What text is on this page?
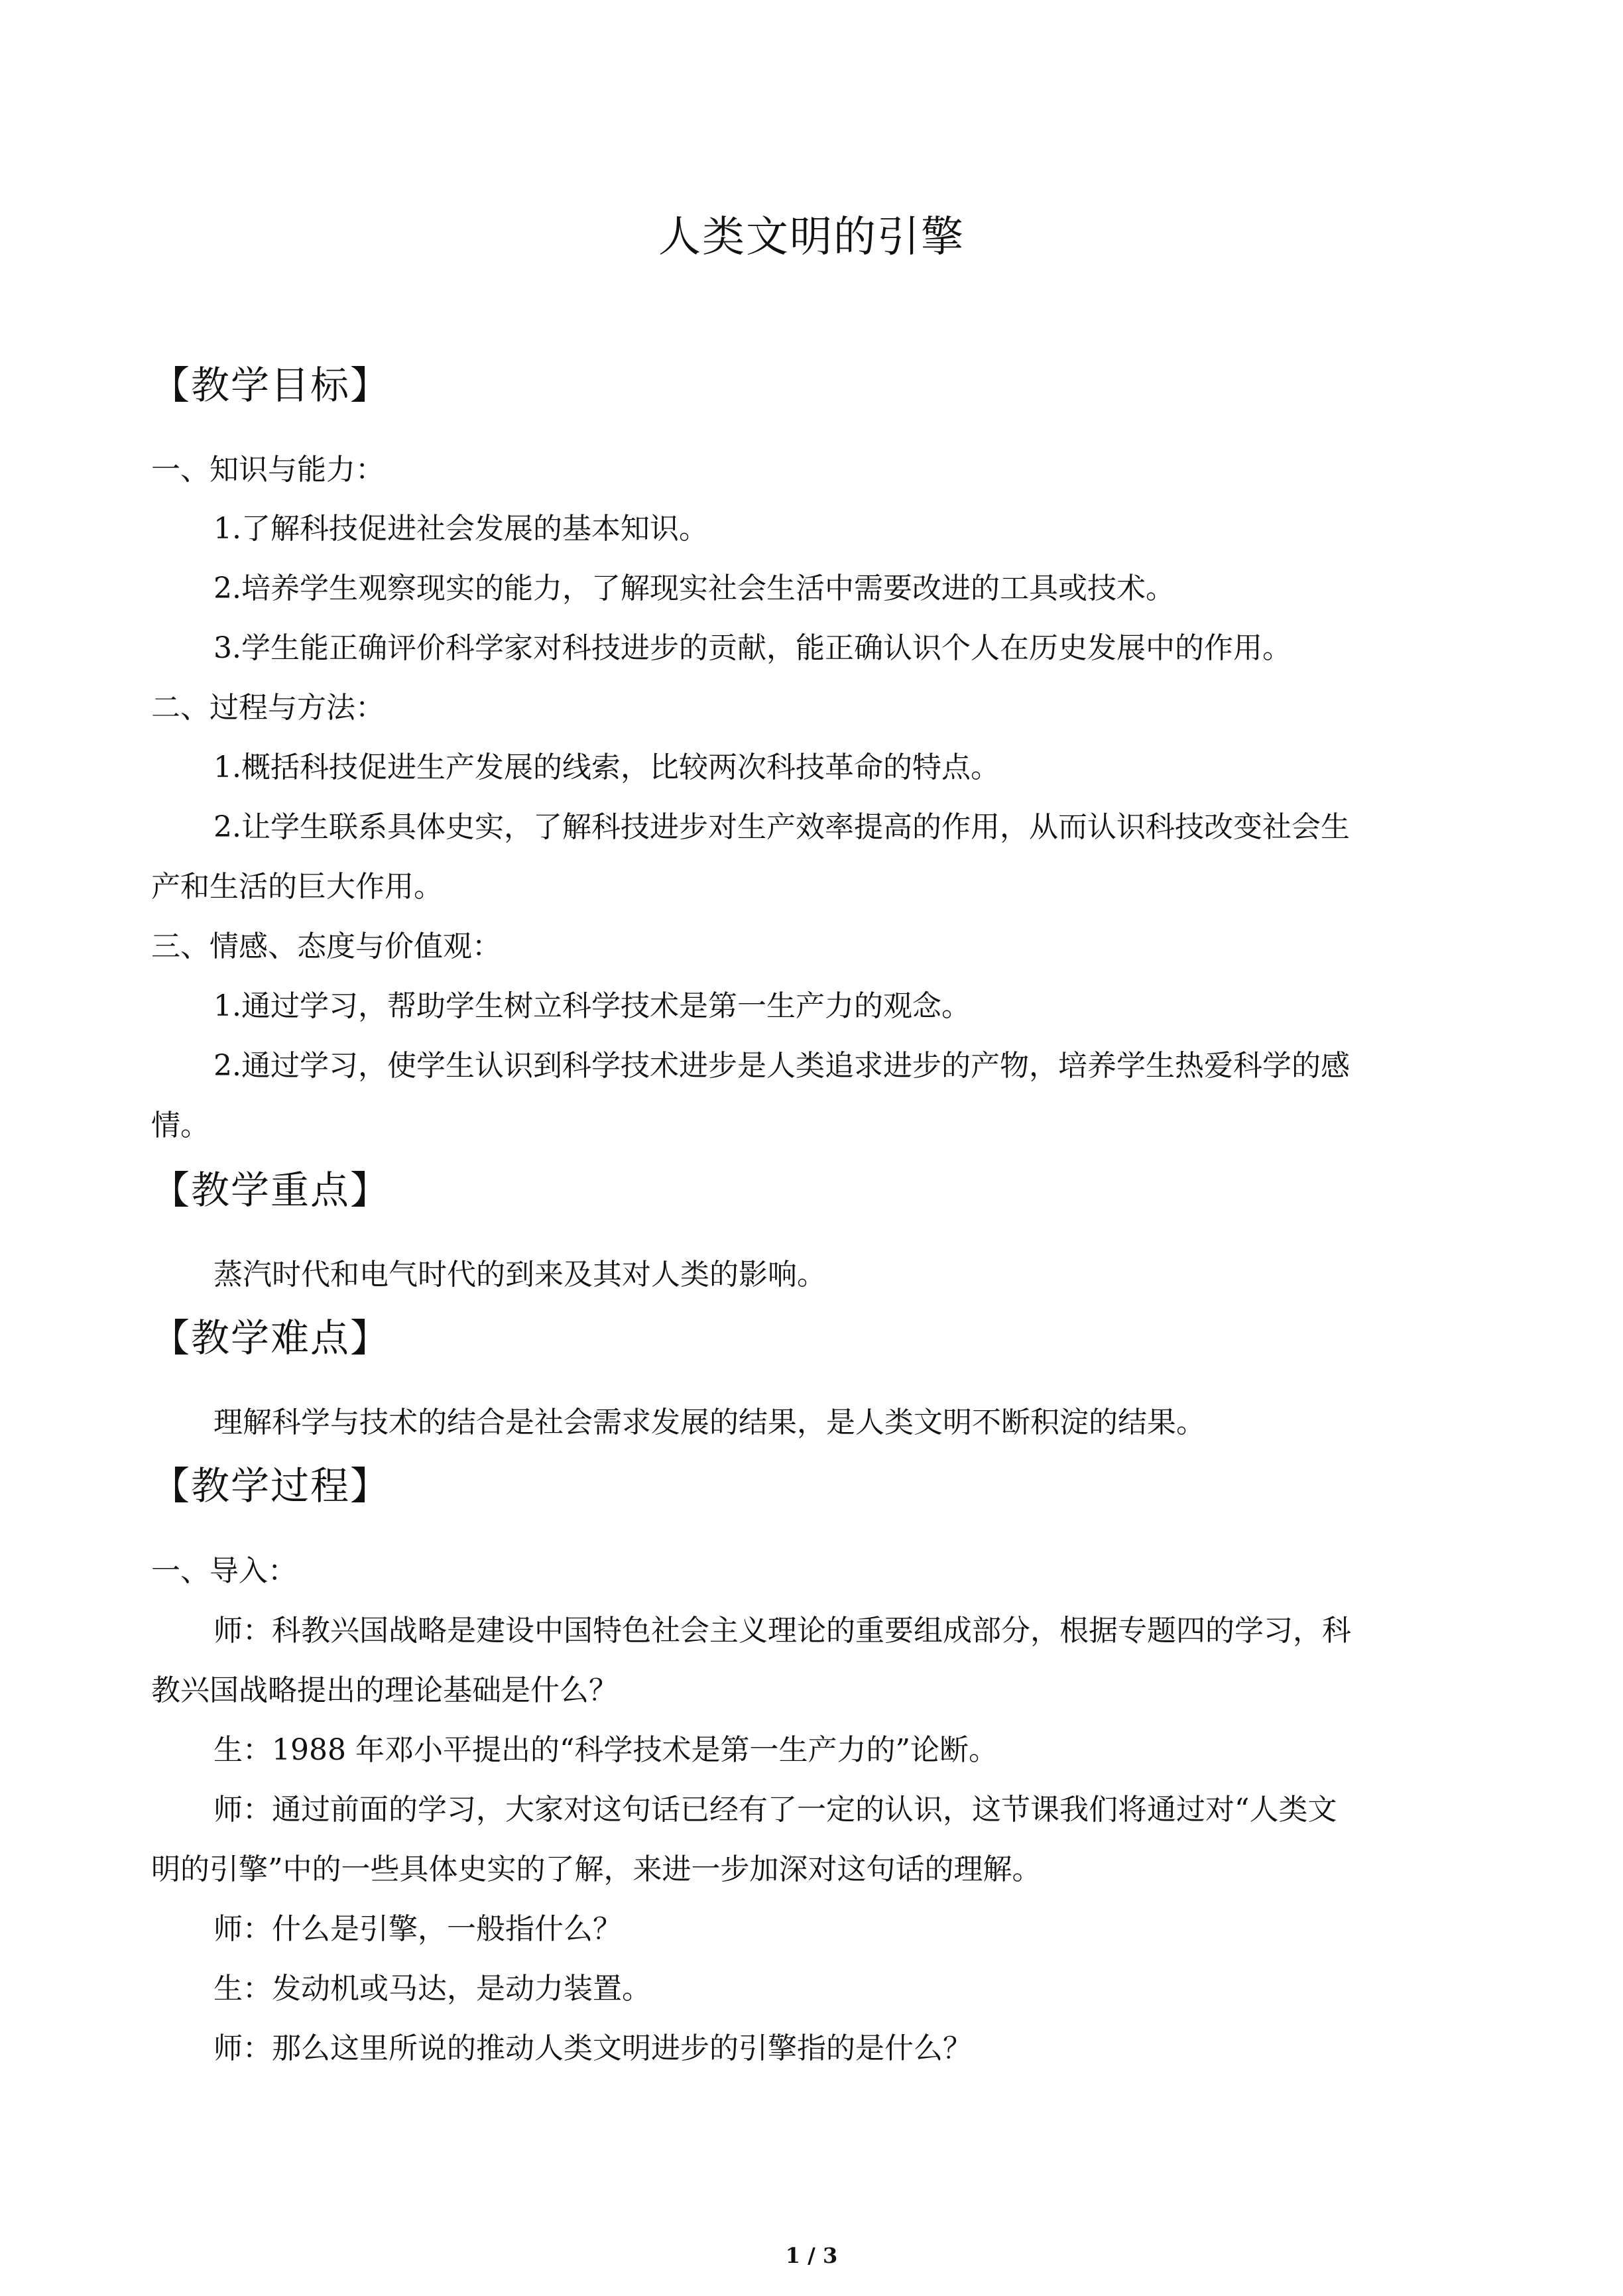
人类文明的引擎
【教学目标】
一、知识与能力：
1.了解科技促进社会发展的基本知识。
2.培养学生观察现实的能力，了解现实社会生活中需要改进的工具或技术。
3.学生能正确评价科学家对科技进步的贡献，能正确认识个人在历史发展中的作用。
二、过程与方法：
1.概括科技促进生产发展的线索，比较两次科技革命的特点。
2.让学生联系具体史实，了解科技进步对生产效率提高的作用，从而认识科技改变社会生
产和生活的巨大作用。
三、情感、态度与价值观：
1.通过学习，帮助学生树立科学技术是第一生产力的观念。
2.通过学习，使学生认识到科学技术进步是人类追求进步的产物，培养学生热爱科学的感
情。
【教学重点】
蒸汽时代和电气时代的到来及其对人类的影响。
【教学难点】
理解科学与技术的结合是社会需求发展的结果，是人类文明不断积淀的结果。
【教学过程】
一、导入：
师：科教兴国战略是建设中国特色社会主义理论的重要组成部分，根据专题四的学习，科
教兴国战略提出的理论基础是什么？
生：1988 年邓小平提出的“科学技术是第一生产力的”论断。
师：通过前面的学习，大家对这句话已经有了一定的认识，这节课我们将通过对“人类文
明的引擎”中的一些具体史实的了解，来进一步加深对这句话的理解。
师：什么是引擎，一般指什么？
生：发动机或马达，是动力装置。
师：那么这里所说的推动人类文明进步的引擎指的是什么？
1 / 3
